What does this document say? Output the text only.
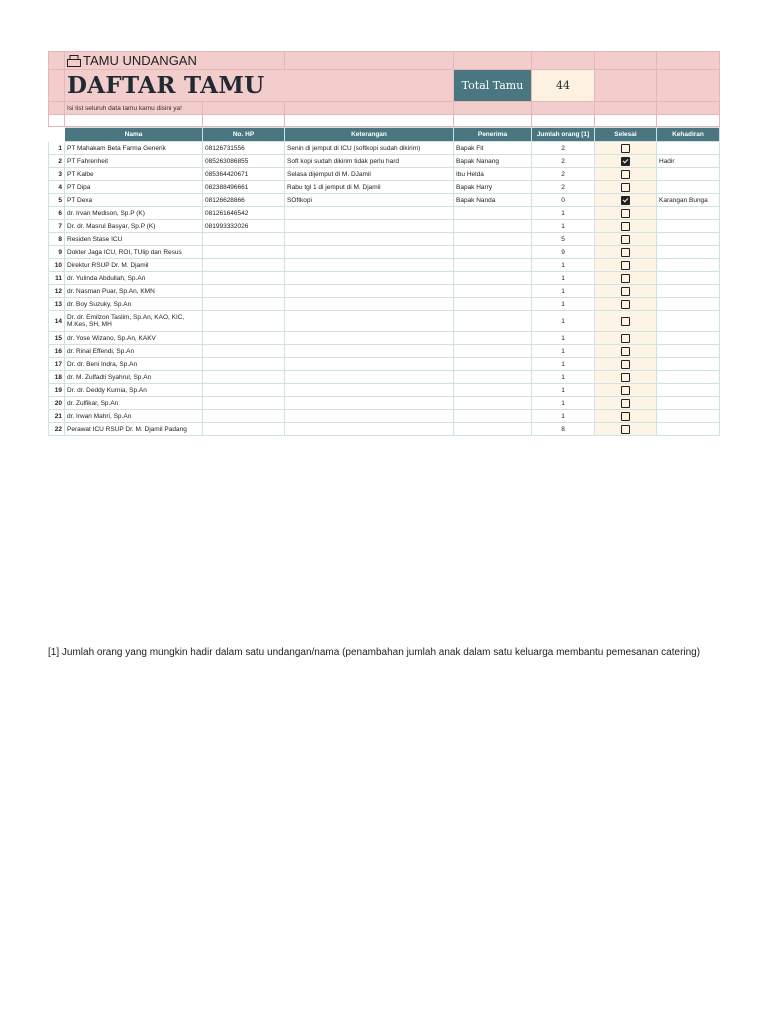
	TAMU UNDANGAN						

	DAFTAR TAMU			Total Tamu	44		
	Isi list seluruh data tamu kamu disini ya!						

	Nama	No. HP	Keterangan	Penerima	Jumlah orang [1]	Selesai	Kehadiran
1	PT Mahakam Beta Farma Generik	08126731556	Senin di jemput di ICU (softkopi sudah dikirim)	Bapak Fit	2		
2	PT Fahrenheit	085263086855	Soft kopi sudah dikirim tidak perlu hard	Bapak Nanang	2		Hadir
3	PT Kalbe	085364420671	Selasa dijemput di M. DJamil	Ibu Helda	2		
4	PT Dipa	082388496661	Rabu tgl 1 di jemput di M. Djamil	Bapak Harry	2		
5	PT Dexa	08126628866	SOftkopi	Bapak Nanda	0		Karangan Bunga
6	dr. Irvan Medison, Sp.P (K)	081261646542			1		
7	Dr. dr. Masrul Basyar, Sp.P (K)	081993332026			1		
8	Residen Stase ICU				5		
9	Dokter Jaga ICU, ROI, TUlip dan Resus				9		
10	Direktur RSUP Dr. M. Djamil				1		
11	dr. Yulinda Abdullah, Sp.An				1		
12	dr. Nasman Puar, Sp.An, KMN				1		
13	dr. Boy Suzuky, Sp.An				1		
14	Dr. dr. Emilzon Taslim, Sp.An, KAO, KIC, M.Kes, SH, MH				1		
15	dr. Yose Wizano, Sp.An, KAKV				1		
16	dr. Rinal Effendi, Sp.An				1		
17	Dr. dr. Beni Indra, Sp.An				1		
18	dr. M. Zulfadli Syahrul, Sp.An				1		
19	Dr. dr. Deddy Kurnia, Sp.An				1		
20	dr. Zulfikar, Sp.An				1		
21	dr. Irwan Mahri, Sp.An				1		
22	Perawat ICU RSUP Dr. M. Djamil Padang				8		
[1] Jumlah orang yang mungkin hadir dalam satu undangan/nama (penambahan jumlah anak dalam satu keluarga membantu pemesanan catering)
